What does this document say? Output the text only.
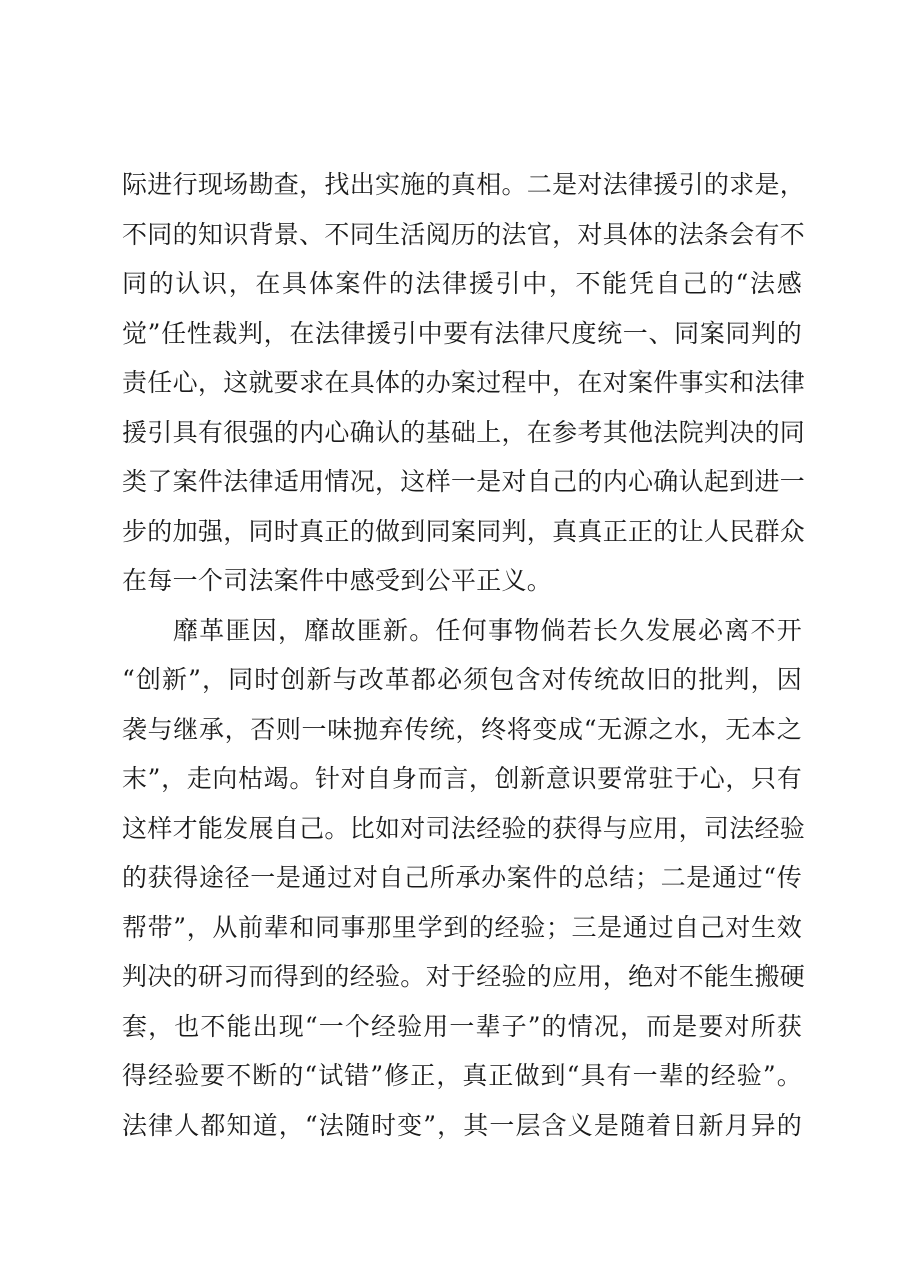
际进行现场勘查，找出实施的真相。二是对法律援引的求是，
不同的知识背景、不同生活阅历的法官，对具体的法条会有不
同的认识，在具体案件的法律援引中，不能凭自己的“法感
觉”任性裁判，在法律援引中要有法律尺度统一、同案同判的
责任心，这就要求在具体的办案过程中，在对案件事实和法律
援引具有很强的内心确认的基础上，在参考其他法院判决的同
类了案件法律适用情况，这样一是对自己的内心确认起到进一
步的加强，同时真正的做到同案同判，真真正正的让人民群众
在每一个司法案件中感受到公平正义。
靡革匪因，靡故匪新。任何事物倘若长久发展必离不开
“创新”，同时创新与改革都必须包含对传统故旧的批判，因
袭与继承，否则一味抛弃传统，终将变成“无源之水，无本之
末”，走向枯竭。针对自身而言，创新意识要常驻于心，只有
这样才能发展自己。比如对司法经验的获得与应用，司法经验
的获得途径一是通过对自己所承办案件的总结；二是通过“传
帮带”，从前辈和同事那里学到的经验；三是通过自己对生效
判决的研习而得到的经验。对于经验的应用，绝对不能生搬硬
套，也不能出现“一个经验用一辈子”的情况，而是要对所获
得经验要不断的“试错”修正，真正做到“具有一辈的经验”。
法律人都知道，“法随时变”，其一层含义是随着日新月异的
